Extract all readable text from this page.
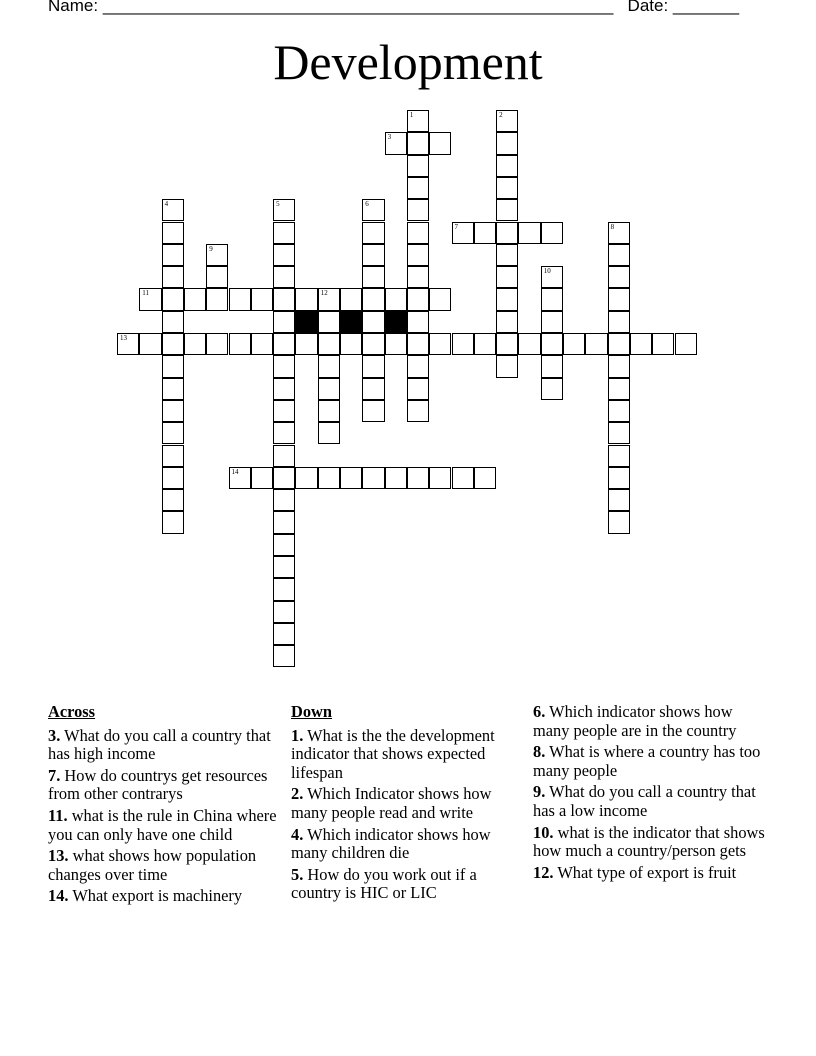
Name: ______________________________________________________ Date: _______
Development
1	2
4	5	6
8
9
10
12
3
7
11
13
14
Across
3. What do you call a country that has high income
7. How do countrys get resources from other contrarys
11. what is the rule in China where you can only have one child
13. what shows how population changes over time
14. What export is machinery
Down
1. What is the the development indicator that shows expected lifespan
2. Which Indicator shows how many people read and write
4. Which indicator shows how many children die
5. How do you work out if a country is HIC or LIC
6. Which indicator shows how many people are in the country
8. What is where a country has too many people
9. What do you call a country that has a low income
10. what is the indicator that shows how much a country/person gets
12. What type of export is fruit
